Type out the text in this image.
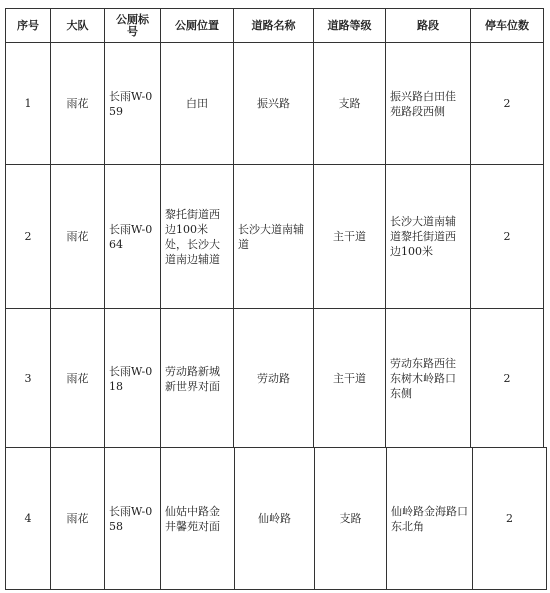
序号	大队	公厕标号	公厕位置	道路名称	道路等级	路段	停车位数
1	雨花	长雨W-059	白田	振兴路	支路	振兴路白田佳苑路段西侧	2
2	雨花	长雨W-064	黎托街道西边100米处，长沙大道南边辅道	长沙大道南辅道	主干道	长沙大道南辅道黎托街道西边100米	2
3	雨花	长雨W-018	劳动路新城新世界对面	劳动路	主干道	劳动东路西往东树木岭路口东侧	2
4	雨花	长雨W-058	仙姑中路金井馨苑对面	仙岭路	支路	仙岭路金海路口东北角	2
